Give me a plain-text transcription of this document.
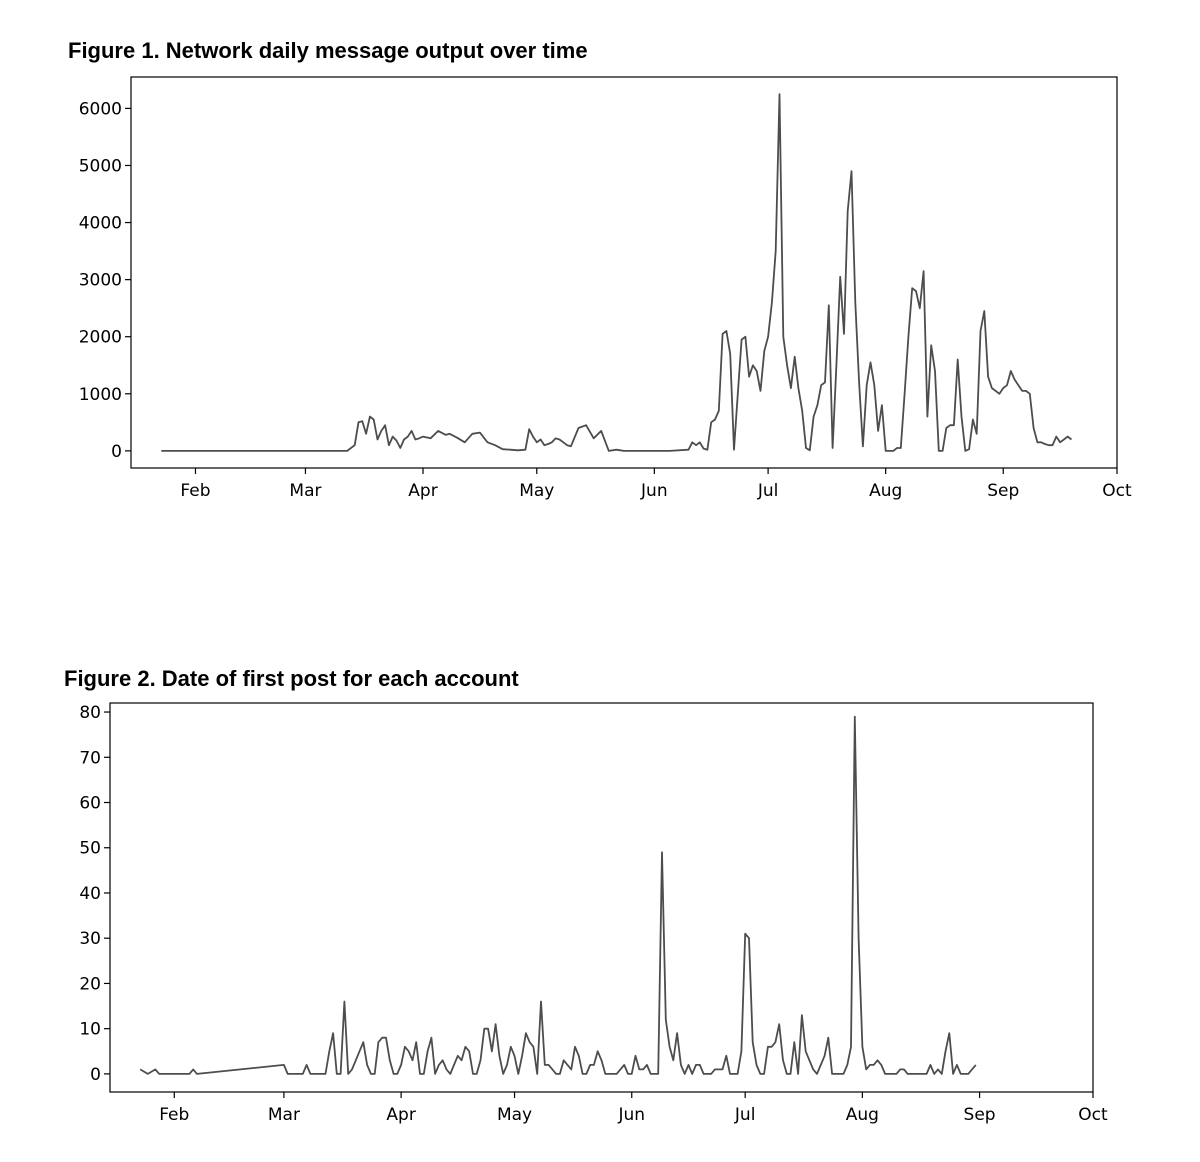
Figure 1. Network daily message output over time
0
1000
2000
3000
4000
5000
6000
Feb	Mar	Apr	May	Jun	Jul	Aug	Sep	Oct
Figure 2. Date of first post for each account
0
10
20
30
40
50
60
70
80
Feb	Mar	Apr	May	Jun	Jul	Aug	Sep	Oct
